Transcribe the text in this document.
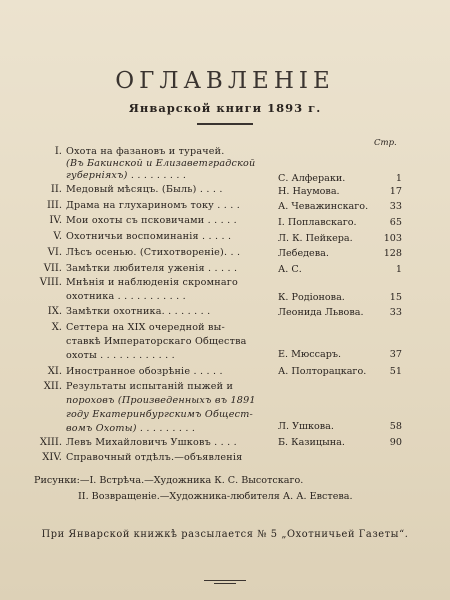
ОГЛАВЛЕНІЕ
Январской книги 1893 г.
Стр.
I. Охота на фазановъ и турачей.
(Въ Бакинской и Елизаветградской
губерніяхъ) . . . . . . . . .	С. Алферaки.	1
II. Медовый мѣсяцъ. (Быль) . . . .	Н. Наумова.	17
III. Драма на глухариномъ току . . . .	А. Чеважинскаго.	33
IV. Мои охоты съ псковичами . . . . .	І. Поплавскаго.	65
V. Охотничьи воспоминанія . . . . .	Л. К. Пейкера.	103
VI. Лѣсъ осенью. (Стихотвореніе). . .	Лебедева.	128
VII. Замѣтки любителя уженія . . . . .	А. С.	1
VIII. Мнѣнія и наблюденія скромнаго
охотника . . . . . . . . . . .	К. Родіонова.	15
IX. Замѣтки охотника. . . . . . . .	Леонида Львова.	33
X. Сеттера на XIX очередной вы-
ставкѣ Императорскаго Общества
охоты . . . . . . . . . . . .	Е. Мюссаръ.	37
XI. Иностранное обозрѣніе . . . . .	А. Полторацкаго.	51
XII. Результаты испытаній пыжей и
пороховъ (Произведенныхъ въ 1891
году Екатеринбургскимъ Общест-
вомъ Охоты) . . . . . . . . .	Л. Ушкова.	58
XIII. Левъ Михайловичъ Ушковъ . . . .	Б. Казицына.	90
XIV. Справочный отдѣлъ.—объявленія
Рисунки:—I. Встрѣча.—Художника К. С. Высотскаго.
II. Возвращеніе.—Художника-любителя А. А. Евстева.
При Январской книжкѣ разсылается № 5 „Охотничьей Газеты“.
